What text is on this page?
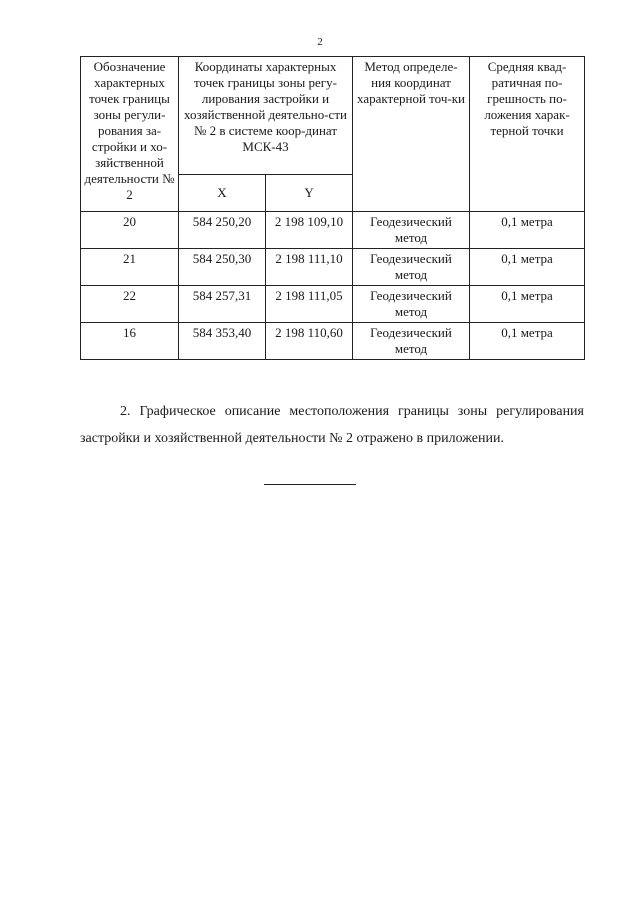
2
Обозначение характерных точек границы зоны регули-рования за-стройки и хо-зяйственной деятельности № 2	Координаты характерных точек границы зоны регу-лирования застройки и хозяйственной деятельно-сти № 2 в системе коор-динат МСК-43		Метод определе-ния координат характерной точ-ки	Средняя квад-ратичная по-грешность по-ложения харак-терной точки
	X	Y		
20	584 250,20	2 198 109,10	Геодезический метод	0,1 метра
21	584 250,30	2 198 111,10	Геодезический метод	0,1 метра
22	584 257,31	2 198 111,05	Геодезический метод	0,1 метра
16	584 353,40	2 198 110,60	Геодезический метод	0,1 метра

2. Графическое описание местоположения границы зоны регулирования застройки и хозяйственной деятельности № 2 отражено в приложении.
